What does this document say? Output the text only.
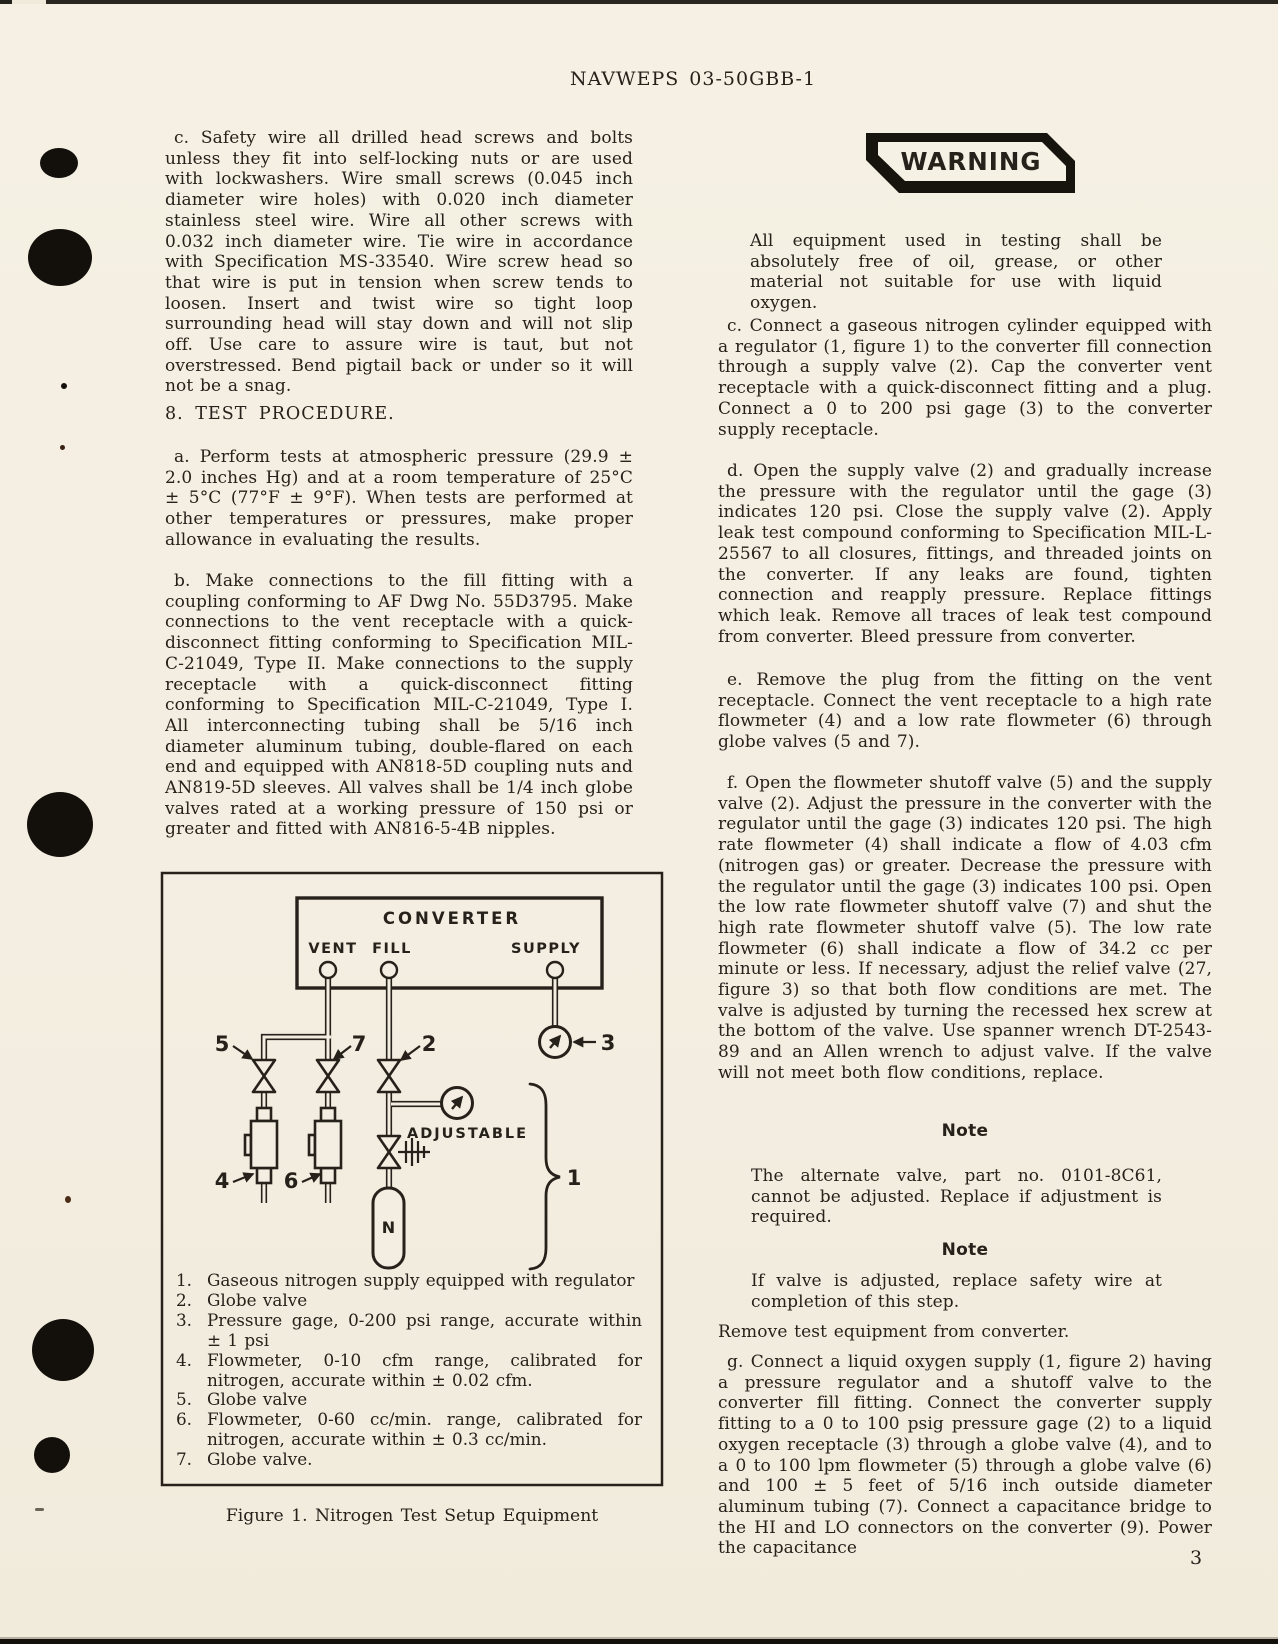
NAVWEPS 03-50GBB-1

c. Safety wire all drilled head screws and bolts unless they fit into self-locking nuts or are used with lockwashers. Wire small screws (0.045 inch diameter wire holes) with 0.020 inch diameter stainless steel wire. Wire all other screws with 0.032 inch diameter wire. Tie wire in accordance with Specification MS-33540. Wire screw head so that wire is put in tension when screw tends to loosen. Insert and twist wire so tight loop surrounding head will stay down and will not slip off. Use care to assure wire is taut, but not overstressed. Bend pigtail back or under so it will not be a snag.

8. TEST PROCEDURE.

a. Perform tests at atmospheric pressure (29.9 ± 2.0 inches Hg) and at a room temperature of 25°C ± 5°C (77°F ± 9°F). When tests are performed at other temperatures or pressures, make proper allowance in evaluating the results.

b. Make connections to the fill fitting with a coupling conforming to AF Dwg No. 55D3795. Make connections to the vent receptacle with a quick-disconnect fitting conforming to Specification MIL-C-21049, Type II. Make connections to the supply receptacle with a quick-disconnect fitting conforming to Specification MIL-C-21049, Type I. All interconnecting tubing shall be 5/16 inch diameter aluminum tubing, double-flared on each end and equipped with AN818-5D coupling nuts and AN819-5D sleeves. All valves shall be 1/4 inch globe valves rated at a working pressure of 150 psi or greater and fitted with AN816-5-4B nipples.

N
5	7	2	3
4	6	1
CONVERTER
VENT FILL	SUPPLY
ADJUSTABLE
1. Gaseous nitrogen supply equipped with regulator
2. Globe valve
3. Pressure gage, 0-200 psi range, accurate within ± 1 psi
4. Flowmeter, 0-10 cfm range, calibrated for nitrogen, accurate within ± 0.02 cfm.
5. Globe valve
6. Flowmeter, 0-60 cc/min. range, calibrated for nitrogen, accurate within ± 0.3 cc/min.
7. Globe valve.
Figure 1. Nitrogen Test Setup Equipment
WARNING

All equipment used in testing shall be absolutely free of oil, grease, or other material not suitable for use with liquid oxygen.

c. Connect a gaseous nitrogen cylinder equipped with a regulator (1, figure 1) to the converter fill connection through a supply valve (2). Cap the converter vent receptacle with a quick-disconnect fitting and a plug. Connect a 0 to 200 psi gage (3) to the converter supply receptacle.

d. Open the supply valve (2) and gradually increase the pressure with the regulator until the gage (3) indicates 120 psi. Close the supply valve (2). Apply leak test compound conforming to Specification MIL-L-25567 to all closures, fittings, and threaded joints on the converter. If any leaks are found, tighten connection and reapply pressure. Replace fittings which leak. Remove all traces of leak test compound from converter. Bleed pressure from converter.

e. Remove the plug from the fitting on the vent receptacle. Connect the vent receptacle to a high rate flowmeter (4) and a low rate flowmeter (6) through globe valves (5 and 7).

f. Open the flowmeter shutoff valve (5) and the supply valve (2). Adjust the pressure in the converter with the regulator until the gage (3) indicates 120 psi. The high rate flowmeter (4) shall indicate a flow of 4.03 cfm (nitrogen gas) or greater. Decrease the pressure with the regulator until the gage (3) indicates 100 psi. Open the low rate flowmeter shutoff valve (7) and shut the high rate flowmeter shutoff valve (5). The low rate flowmeter (6) shall indicate a flow of 34.2 cc per minute or less. If necessary, adjust the relief valve (27, figure 3) so that both flow conditions are met. The valve is adjusted by turning the recessed hex screw at the bottom of the valve. Use spanner wrench DT-2543-89 and an Allen wrench to adjust valve. If the valve will not meet both flow conditions, replace.

Note

The alternate valve, part no. 0101-8C61, cannot be adjusted. Replace if adjustment is required.

Note

If valve is adjusted, replace safety wire at completion of this step.

Remove test equipment from converter.

g. Connect a liquid oxygen supply (1, figure 2) having a pressure regulator and a shutoff valve to the converter fill fitting. Connect the converter supply fitting to a 0 to 100 psig pressure gage (2) to a liquid oxygen receptacle (3) through a globe valve (4), and to a 0 to 100 lpm flowmeter (5) through a globe valve (6) and 100 ± 5 feet of 5/16 inch outside diameter aluminum tubing (7). Connect a capacitance bridge to the HI and LO connectors on the converter (9). Power the capacitance	3
